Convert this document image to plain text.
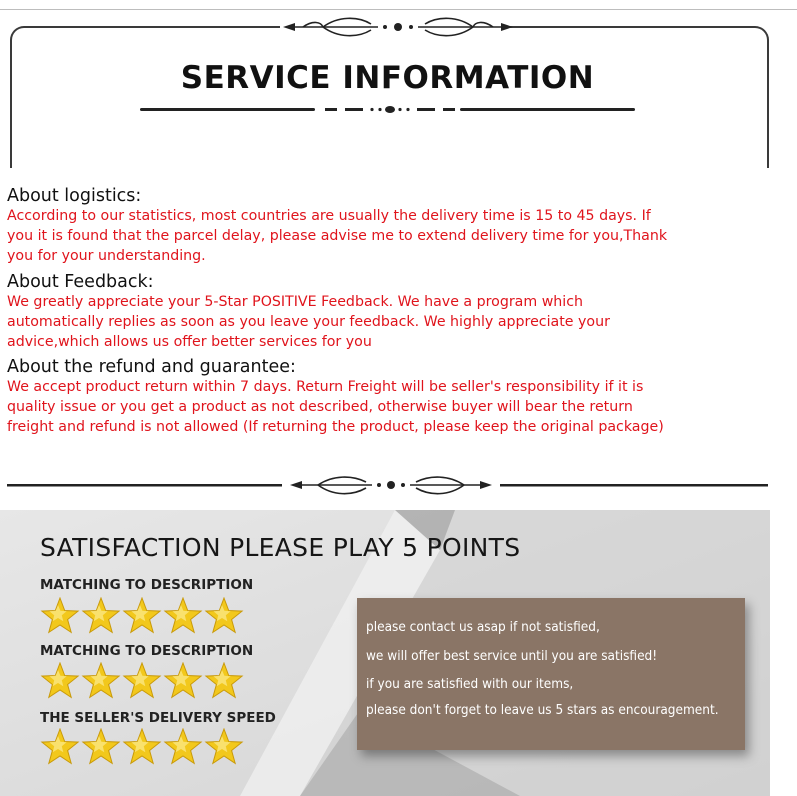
SERVICE INFORMATION
About logistics:
According to our statistics, most countries are usually the delivery time is 15 to 45 days. If
you it is found that the parcel delay, please advise me to extend delivery time for you,Thank
you for your understanding.
About Feedback:
We greatly appreciate your 5-Star POSITIVE Feedback. We have a program which
automatically replies as soon as you leave your feedback. We highly appreciate your
advice,which allows us offer better services for you
About the refund and guarantee:
We accept product return within 7 days. Return Freight will be seller's responsibility if it is
quality issue or you get a product as not described, otherwise buyer will bear the return
freight and refund is not allowed (If returning the product, please keep the original package)
SATISFACTION PLEASE PLAY 5 POINTS
MATCHING TO DESCRIPTION
MATCHING TO DESCRIPTION
THE SELLER'S DELIVERY SPEED
please contact us asap if not satisfied,
we will offer best service until you are satisfied!
if you are satisfied with our items,
please don't forget to leave us 5 stars as encouragement.
